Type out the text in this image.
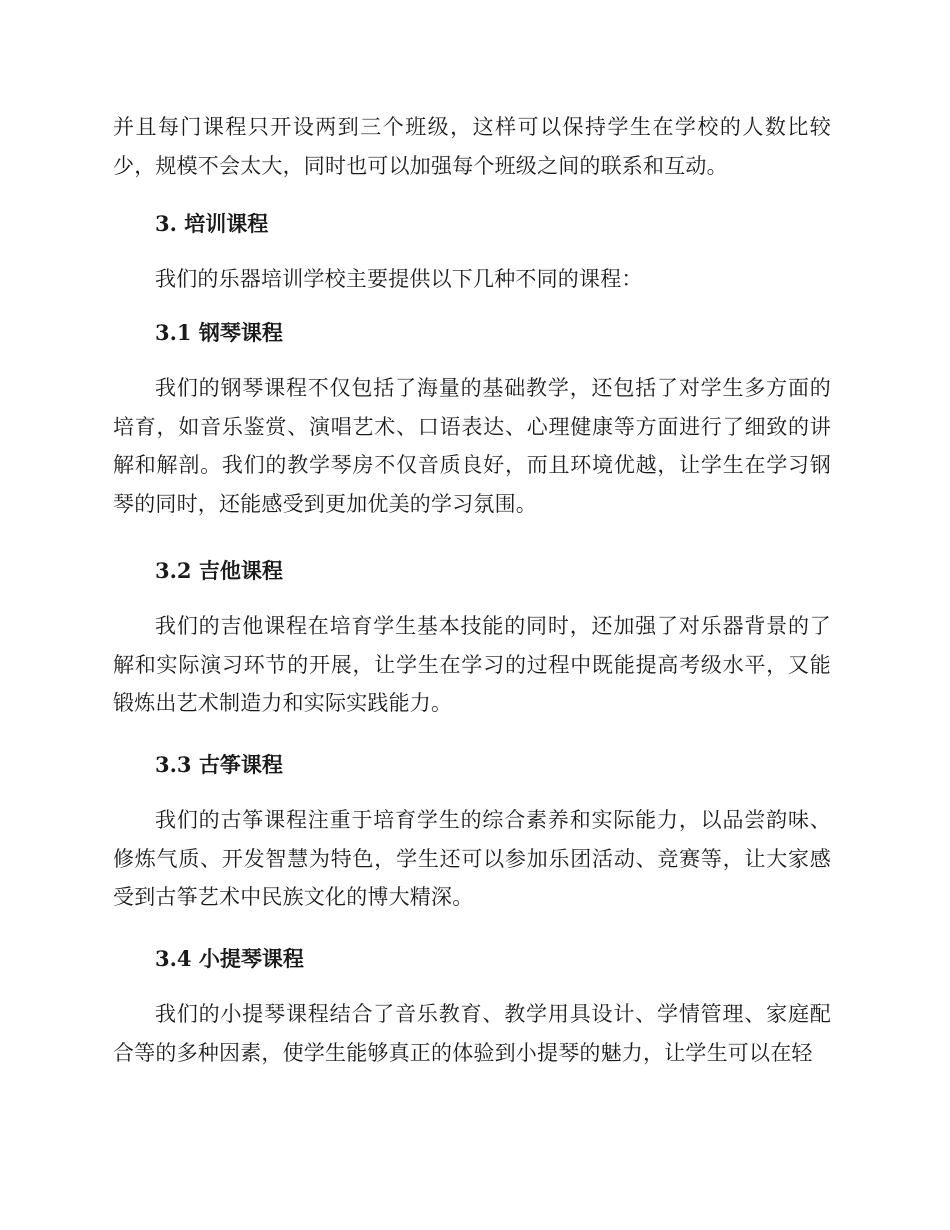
并且每门课程只开设两到三个班级，这样可以保持学生在学校的人数比较少，规模不会太大，同时也可以加强每个班级之间的联系和互动。

3. 培训课程

我们的乐器培训学校主要提供以下几种不同的课程：

3.1 钢琴课程

我们的钢琴课程不仅包括了海量的基础教学，还包括了对学生多方面的培育，如音乐鉴赏、演唱艺术、口语表达、心理健康等方面进行了细致的讲解和解剖。我们的教学琴房不仅音质良好，而且环境优越，让学生在学习钢琴的同时，还能感受到更加优美的学习氛围。

3.2 吉他课程

我们的吉他课程在培育学生基本技能的同时，还加强了对乐器背景的了解和实际演习环节的开展，让学生在学习的过程中既能提高考级水平，又能锻炼出艺术制造力和实际实践能力。

3.3 古筝课程

我们的古筝课程注重于培育学生的综合素养和实际能力，以品尝韵味、修炼气质、开发智慧为特色，学生还可以参加乐团活动、竞赛等，让大家感受到古筝艺术中民族文化的博大精深。

3.4 小提琴课程

我们的小提琴课程结合了音乐教育、教学用具设计、学情管理、家庭配合等的多种因素，使学生能够真正的体验到小提琴的魅力，让学生可以在轻
